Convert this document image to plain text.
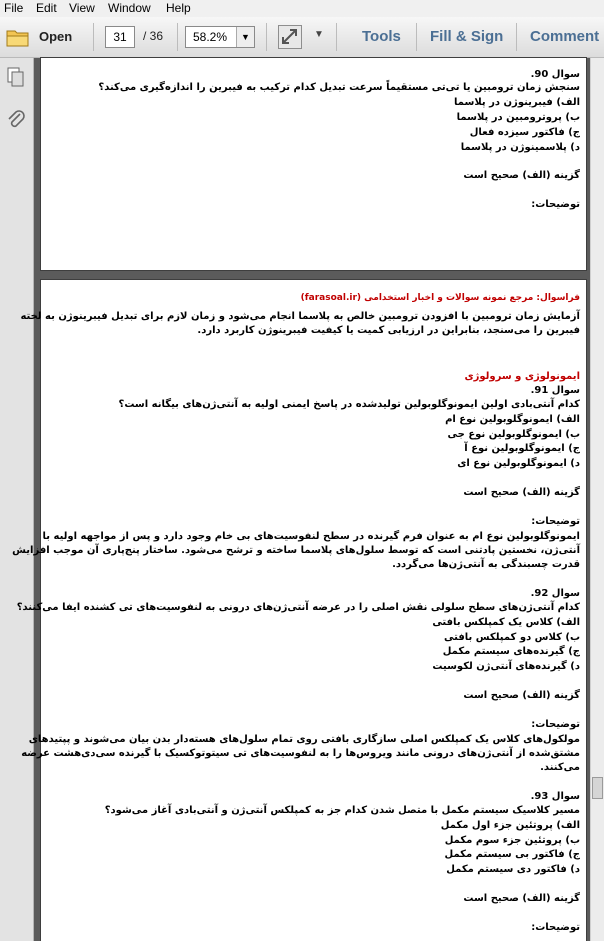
File Edit View Window Help
Open	31	/ 36	58.2%	▼	▼	Tools Fill & Sign Comment
سوال 90.
سنجش زمان ترومبین یا تی‌تی مستقیماً سرعت تبدیل کدام ترکیب به فیبرین را اندازه‌گیری می‌کند؟
الف) فیبرینوژن در پلاسما
ب) پروترومبین در پلاسما
ج) فاکتور سیزده فعال
د) پلاسمینوژن در پلاسما
گزینه (الف) صحیح است
توضیحات:
فراسوال: مرجع نمونه سوالات و اخبار استخدامی (farasoal.ir)
آزمایش زمان ترومبین با افزودن ترومبین خالص به پلاسما انجام می‌شود و زمان لازم برای تبدیل فیبرینوژن به لخته
فیبرین را می‌سنجد، بنابراین در ارزیابی کمیت یا کیفیت فیبرینوژن کاربرد دارد.
ایمونولوژی و سرولوژی
سوال 91.
کدام آنتی‌بادی اولین ایمونوگلوبولین تولیدشده در پاسخ ایمنی اولیه به آنتی‌ژن‌های بیگانه است؟
الف) ایمونوگلوبولین نوع ام
ب) ایمونوگلوبولین نوع جی
ج) ایمونوگلوبولین نوع آ
د) ایمونوگلوبولین نوع ای
گزینه (الف) صحیح است
توضیحات:
ایمونوگلوبولین نوع ام به عنوان فرم گیرنده در سطح لنفوسیت‌های بی خام وجود دارد و پس از مواجهه اولیه با
آنتی‌ژن، نخستین پادتنی است که توسط سلول‌های پلاسما ساخته و ترشح می‌شود. ساختار پنج‌پاری آن موجب افزایش
قدرت چسبندگی به آنتی‌ژن‌ها می‌گردد.
سوال 92.
کدام آنتی‌ژن‌های سطح سلولی نقش اصلی را در عرضه آنتی‌ژن‌های درونی به لنفوسیت‌های تی کشنده ایفا می‌کنند؟
الف) کلاس یک کمپلکس بافتی
ب) کلاس دو کمپلکس بافتی
ج) گیرنده‌های سیستم مکمل
د) گیرنده‌های آنتی‌ژن لکوسیت
گزینه (الف) صحیح است
توضیحات:
مولکول‌های کلاس یک کمپلکس اصلی سازگاری بافتی روی تمام سلول‌های هسته‌دار بدن بیان می‌شوند و پپتیدهای
مشتق‌شده از آنتی‌ژن‌های درونی مانند ویروس‌ها را به لنفوسیت‌های تی سیتوتوکسیک با گیرنده سی‌دی‌هشت عرضه
می‌کنند.
سوال 93.
مسیر کلاسیک سیستم مکمل با متصل شدن کدام جز به کمپلکس آنتی‌ژن و آنتی‌بادی آغاز می‌شود؟
الف) پروتئین جزء اول مکمل
ب) پروتئین جزء سوم مکمل
ج) فاکتور بی سیستم مکمل
د) فاکتور دی سیستم مکمل
گزینه (الف) صحیح است
توضیحات:
